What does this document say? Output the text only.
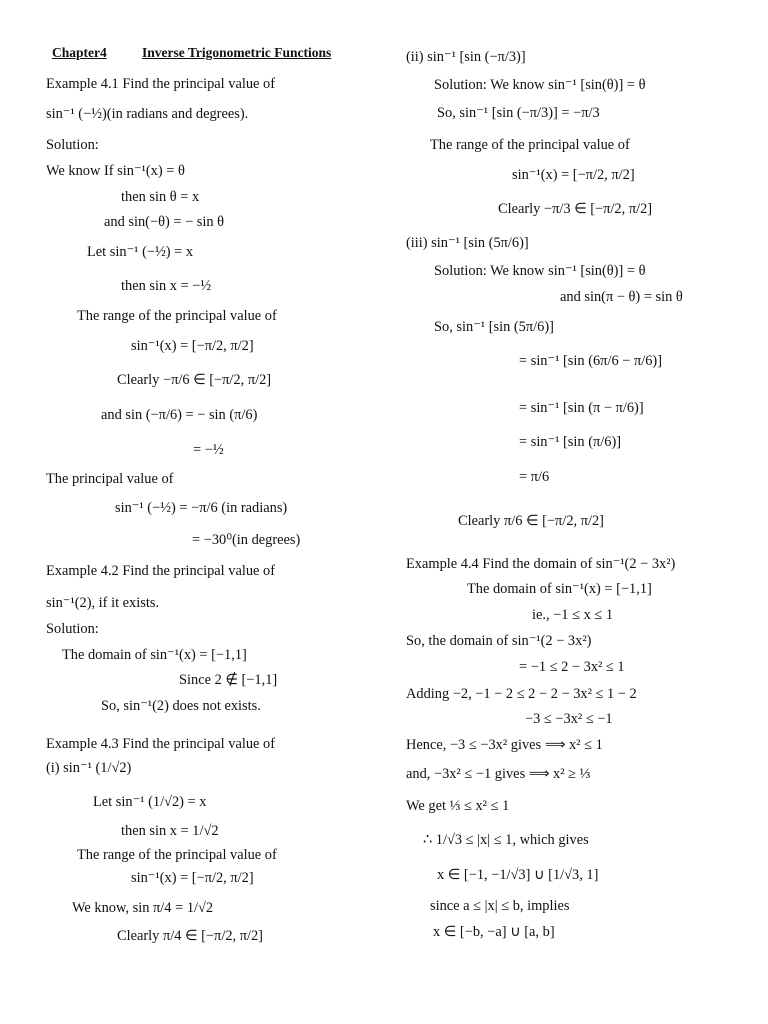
Chapter4	Inverse Trigonometric Functions
Example 4.1 Find the principal value of
sin⁻¹ (−½)(in radians and degrees).
Solution:
We know If sin⁻¹(x) = θ
then sin θ = x
and sin(−θ) = − sin θ
Let sin⁻¹ (−½) = x
then sin x = −½
The range of the principal value of
sin⁻¹(x) = [−π/2, π/2]
Clearly −π/6 ∈ [−π/2, π/2]
and sin (−π/6) = − sin (π/6)
= −½
The principal value of
sin⁻¹ (−½) = −π/6 (in radians)
= −30⁰(in degrees)
Example 4.2 Find the principal value of
sin⁻¹(2), if it exists.
Solution:
The domain of sin⁻¹(x) = [−1,1]
Since 2 ∉ [−1,1]
So, sin⁻¹(2) does not exists.
Example 4.3 Find the principal value of
(i) sin⁻¹ (1/√2)
Let sin⁻¹ (1/√2) = x
then sin x = 1/√2
The range of the principal value of
sin⁻¹(x) = [−π/2, π/2]
We know, sin π/4 = 1/√2
Clearly π/4 ∈ [−π/2, π/2]
(ii) sin⁻¹ [sin (−π/3)]
Solution: We know sin⁻¹ [sin(θ)] = θ
So, sin⁻¹ [sin (−π/3)] = −π/3
The range of the principal value of
sin⁻¹(x) = [−π/2, π/2]
Clearly −π/3 ∈ [−π/2, π/2]
(iii) sin⁻¹ [sin (5π/6)]
Solution: We know sin⁻¹ [sin(θ)] = θ
and sin(π − θ) = sin θ
So, sin⁻¹ [sin (5π/6)]
= sin⁻¹ [sin (6π/6 − π/6)]
= sin⁻¹ [sin (π − π/6)]
= sin⁻¹ [sin (π/6)]
= π/6
Clearly π/6 ∈ [−π/2, π/2]
Example 4.4 Find the domain of sin⁻¹(2 − 3x²)
The domain of sin⁻¹(x) = [−1,1]
ie., −1 ≤ x ≤ 1
So, the domain of sin⁻¹(2 − 3x²)
= −1 ≤ 2 − 3x² ≤ 1
Adding −2, −1 − 2 ≤ 2 − 2 − 3x² ≤ 1 − 2
−3 ≤ −3x² ≤ −1
Hence, −3 ≤ −3x² gives ⟹ x² ≤ 1
and, −3x² ≤ −1 gives ⟹ x² ≥ ⅓
We get ⅓ ≤ x² ≤ 1
∴ 1/√3 ≤ |x| ≤ 1, which gives
x ∈ [−1, −1/√3] ∪ [1/√3, 1]
since a ≤ |x| ≤ b, implies
x ∈ [−b, −a] ∪ [a, b]
